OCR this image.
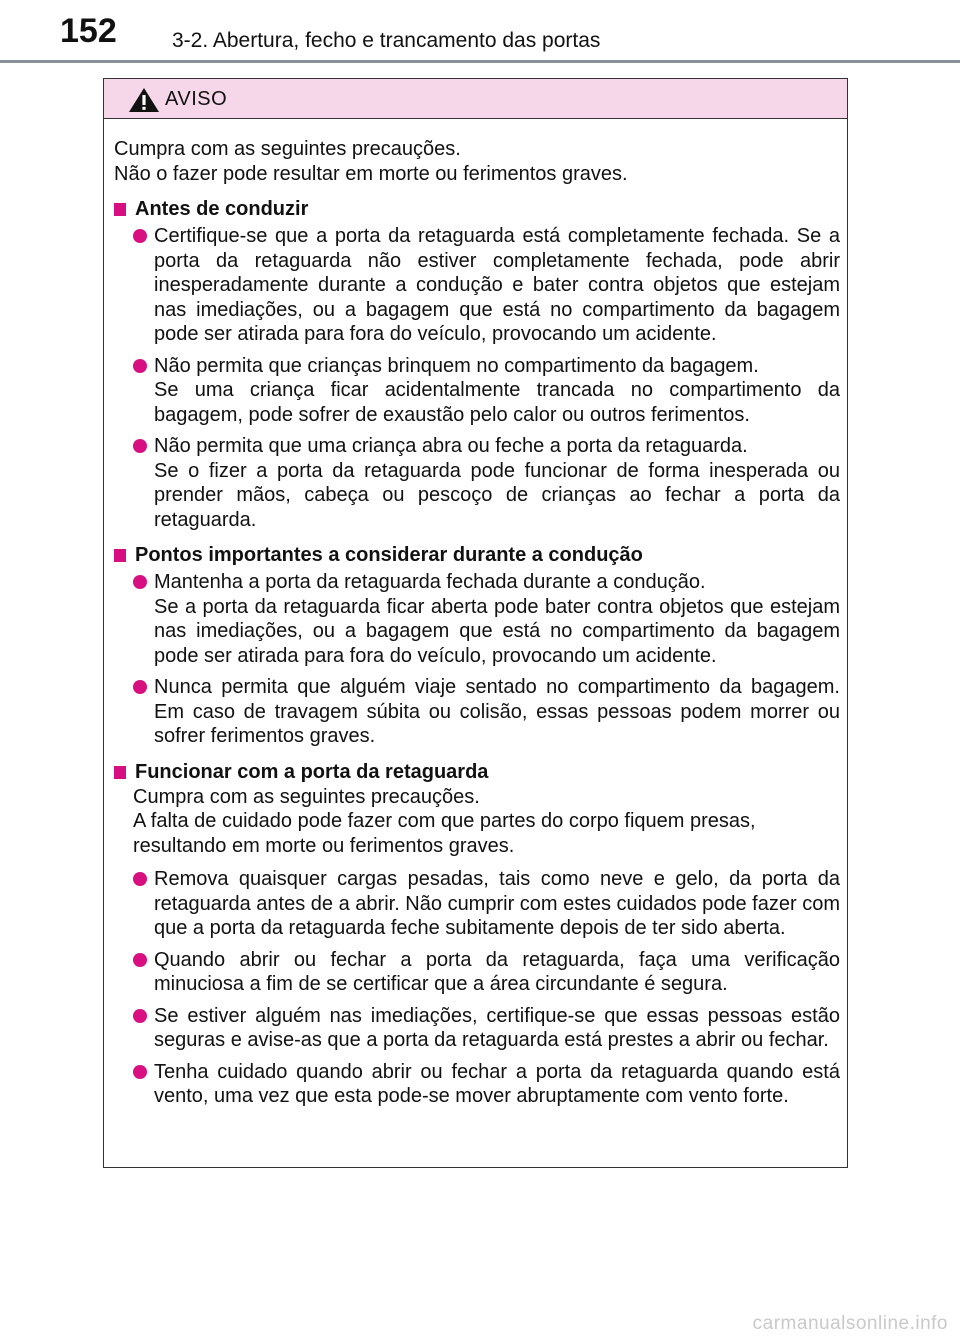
152	3-2. Abertura, fecho e trancamento das portas
AVISO

Cumpra com as seguintes precauções.

Não o fazer pode resultar em morte ou ferimentos graves.

Antes de conduzir

Certifique-se que a porta da retaguarda está completamente fechada. Se a porta da retaguarda não estiver completamente fechada, pode abrir inesperadamente durante a condução e bater contra objetos que estejam nas imediações, ou a bagagem que está no compartimento da bagagem pode ser atirada para fora do veículo, provocando um acidente.

Não permita que crianças brinquem no compartimento da bagagem.

Se uma criança ficar acidentalmente trancada no compartimento da bagagem, pode sofrer de exaustão pelo calor ou outros ferimentos.

Não permita que uma criança abra ou feche a porta da retaguarda.

Se o fizer a porta da retaguarda pode funcionar de forma inesperada ou prender mãos, cabeça ou pescoço de crianças ao fechar a porta da retaguarda.

Pontos importantes a considerar durante a condução

Mantenha a porta da retaguarda fechada durante a condução.

Se a porta da retaguarda ficar aberta pode bater contra objetos que estejam nas imediações, ou a bagagem que está no compartimento da bagagem pode ser atirada para fora do veículo, provocando um acidente.

Nunca permita que alguém viaje sentado no compartimento da bagagem. Em caso de travagem súbita ou colisão, essas pessoas podem morrer ou sofrer ferimentos graves.

Funcionar com a porta da retaguarda

Cumpra com as seguintes precauções.

A falta de cuidado pode fazer com que partes do corpo fiquem presas, resultando em morte ou ferimentos graves.

Remova quaisquer cargas pesadas, tais como neve e gelo, da porta da retaguarda antes de a abrir. Não cumprir com estes cuidados pode fazer com que a porta da retaguarda feche subitamente depois de ter sido aberta.

Quando abrir ou fechar a porta da retaguarda, faça uma verificação minuciosa a fim de se certificar que a área circundante é segura.

Se estiver alguém nas imediações, certifique-se que essas pessoas estão seguras e avise-as que a porta da retaguarda está prestes a abrir ou fechar.

Tenha cuidado quando abrir ou fechar a porta da retaguarda quando está vento, uma vez que esta pode-se mover abruptamente com vento forte.

carmanualsonline.info
